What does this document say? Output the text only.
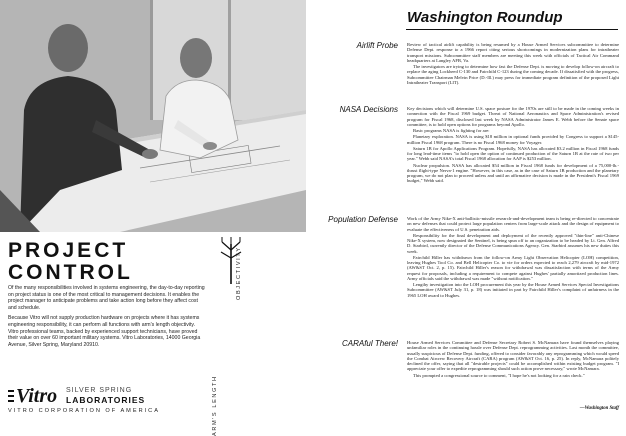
PROJECT
CONTROL

Of the many responsibilities involved in systems engineering, the day-to-day reporting on project status is one of the most critical to management decisions. It enables the project manager to anticipate problems and take action long before they affect cost and schedule.

Because Vitro will not supply production hardware on projects where it has systems engineering responsibility, it can perform all functions with arm's length objectivity. Vitro professional teams, backed by experienced support technicians, have proved their value on over 60 important military systems. Vitro Laboratories, 14000 Georgia Avenue, Silver Spring, Maryland 20910.

OBJECTIVITY
ARM'S LENGTH
Vitro SILVER SPRING
LABORATORIES
VITRO CORPORATION OF AMERICA
Washington Roundup
Airlift Probe Review of tactical airlift capability is being resumed by a House Armed Services subcommittee to determine Defense Dept. response to a 1966 report citing serious shortcomings in modernization plans for intratheater transport missions. Subcommittee staff members are meeting this week with officials of Tactical Air Command headquarters at Langley AFB, Va.

The investigators are trying to determine how fast the Defense Dept. is moving to develop follow-on aircraft to replace the aging Lockheed C-130 and Fairchild C-123 during the coming decade. If dissatisfied with the progress, Subcommittee Chairman Melvin Price (D.-Ill.) may press for immediate program definition of the proposed Light Intratheater Transport (LIT).

NASA Decisions Key decisions which will determine U.S. space posture for the 1970s are still to be made in the coming weeks in connection with the Fiscal 1969 budget. Threat of National Aeronautics and Space Administration's revised program for Fiscal 1968, disclosed last week by NASA Administrator James E. Webb before the Senate space committee, is to hold open options for programs beyond Apollo.

Basic programs NASA is fighting for are:

Planetary exploration. NASA is using $18 million in optional funds provided by Congress to support a $145-million Fiscal 1968 program. There is no Fiscal 1968 money for Voyager.

Saturn 1B for Apollo Applications Program. Hopefully, NASA has allocated $3.2 million in Fiscal 1968 funds for long lead-time items "to hold open the option of continued production of the Saturn 1B at the rate of two per year." Webb said NASA's total Fiscal 1968 allocation for AAP is $253 million.

Nuclear propulsion. NASA has allocated $54 million in Fiscal 1968 funds for development of a 75,000-lb.-thrust flight-type Nerva-1 engine. "However, in this case, as in the case of Saturn 1B production and the planetary program, we do not plan to proceed unless and until an affirmative decision is made in the President's Fiscal 1969 budget," Webb said.

Population Defense Work of the Army Nike-X anti-ballistic-missile research-and-development team is being re-directed to concentrate on new defenses that could protect large population centers from large-scale attack and the design of equipment to evaluate the effectiveness of U.S. penetration aids.

Responsibility for the final development and deployment of the recently approved "thin-line" anti-Chinese Nike-X system, now designated the Sentinel, is being spun off to an organization to be headed by Lt. Gen. Alfred D. Starbird, currently director of the Defense Communications Agency. Gen. Starbird assumes his new duties this week.

Fairchild Hiller has withdrawn from the follow-on Army Light Observation Helicopter (LOH) competition, leaving Hughes Tool Co. and Bell Helicopter Co. to vie for orders expected to reach 2,279 aircraft by mid-1972 (AW&ST Oct. 2, p. 15). Fairchild Hiller's reason for withdrawal was dissatisfaction with terms of the Army request for proposals, including a requirement to compete against Hughes' partially amortized production lines. Army officials said the withdrawal was made "without notification."

Lengthy investigation into the LOH procurement this year by the House Armed Services Special Investigations Subcommittee (AW&ST July 31, p. 18) was initiated in part by Fairchild Hiller's complaint of unfairness in the 1965 LOH award to Hughes.

CARAful There! House Armed Services Committee and Defense Secretary Robert S. McNamara have found themselves playing unfamiliar roles in the continuing hassle over Defense Dept. reprogramming activities. Last month the committee, usually suspicious of Defense Dept. funding, offered to consider favorably any reprogramming which would speed the Combat Aircrew Recovery Aircraft (CARA) program (AW&ST Oct. 16, p. 25). In reply, McNamara politely declined the offer, saying that all "desirable projects" could be accomplished within existing budget program. "I appreciate your offer to expedite reprogramming should such action prove necessary," wrote McNamara.

This prompted a congressional source to comment, "I hope he's not looking for a rain check."

—Washington Staff
